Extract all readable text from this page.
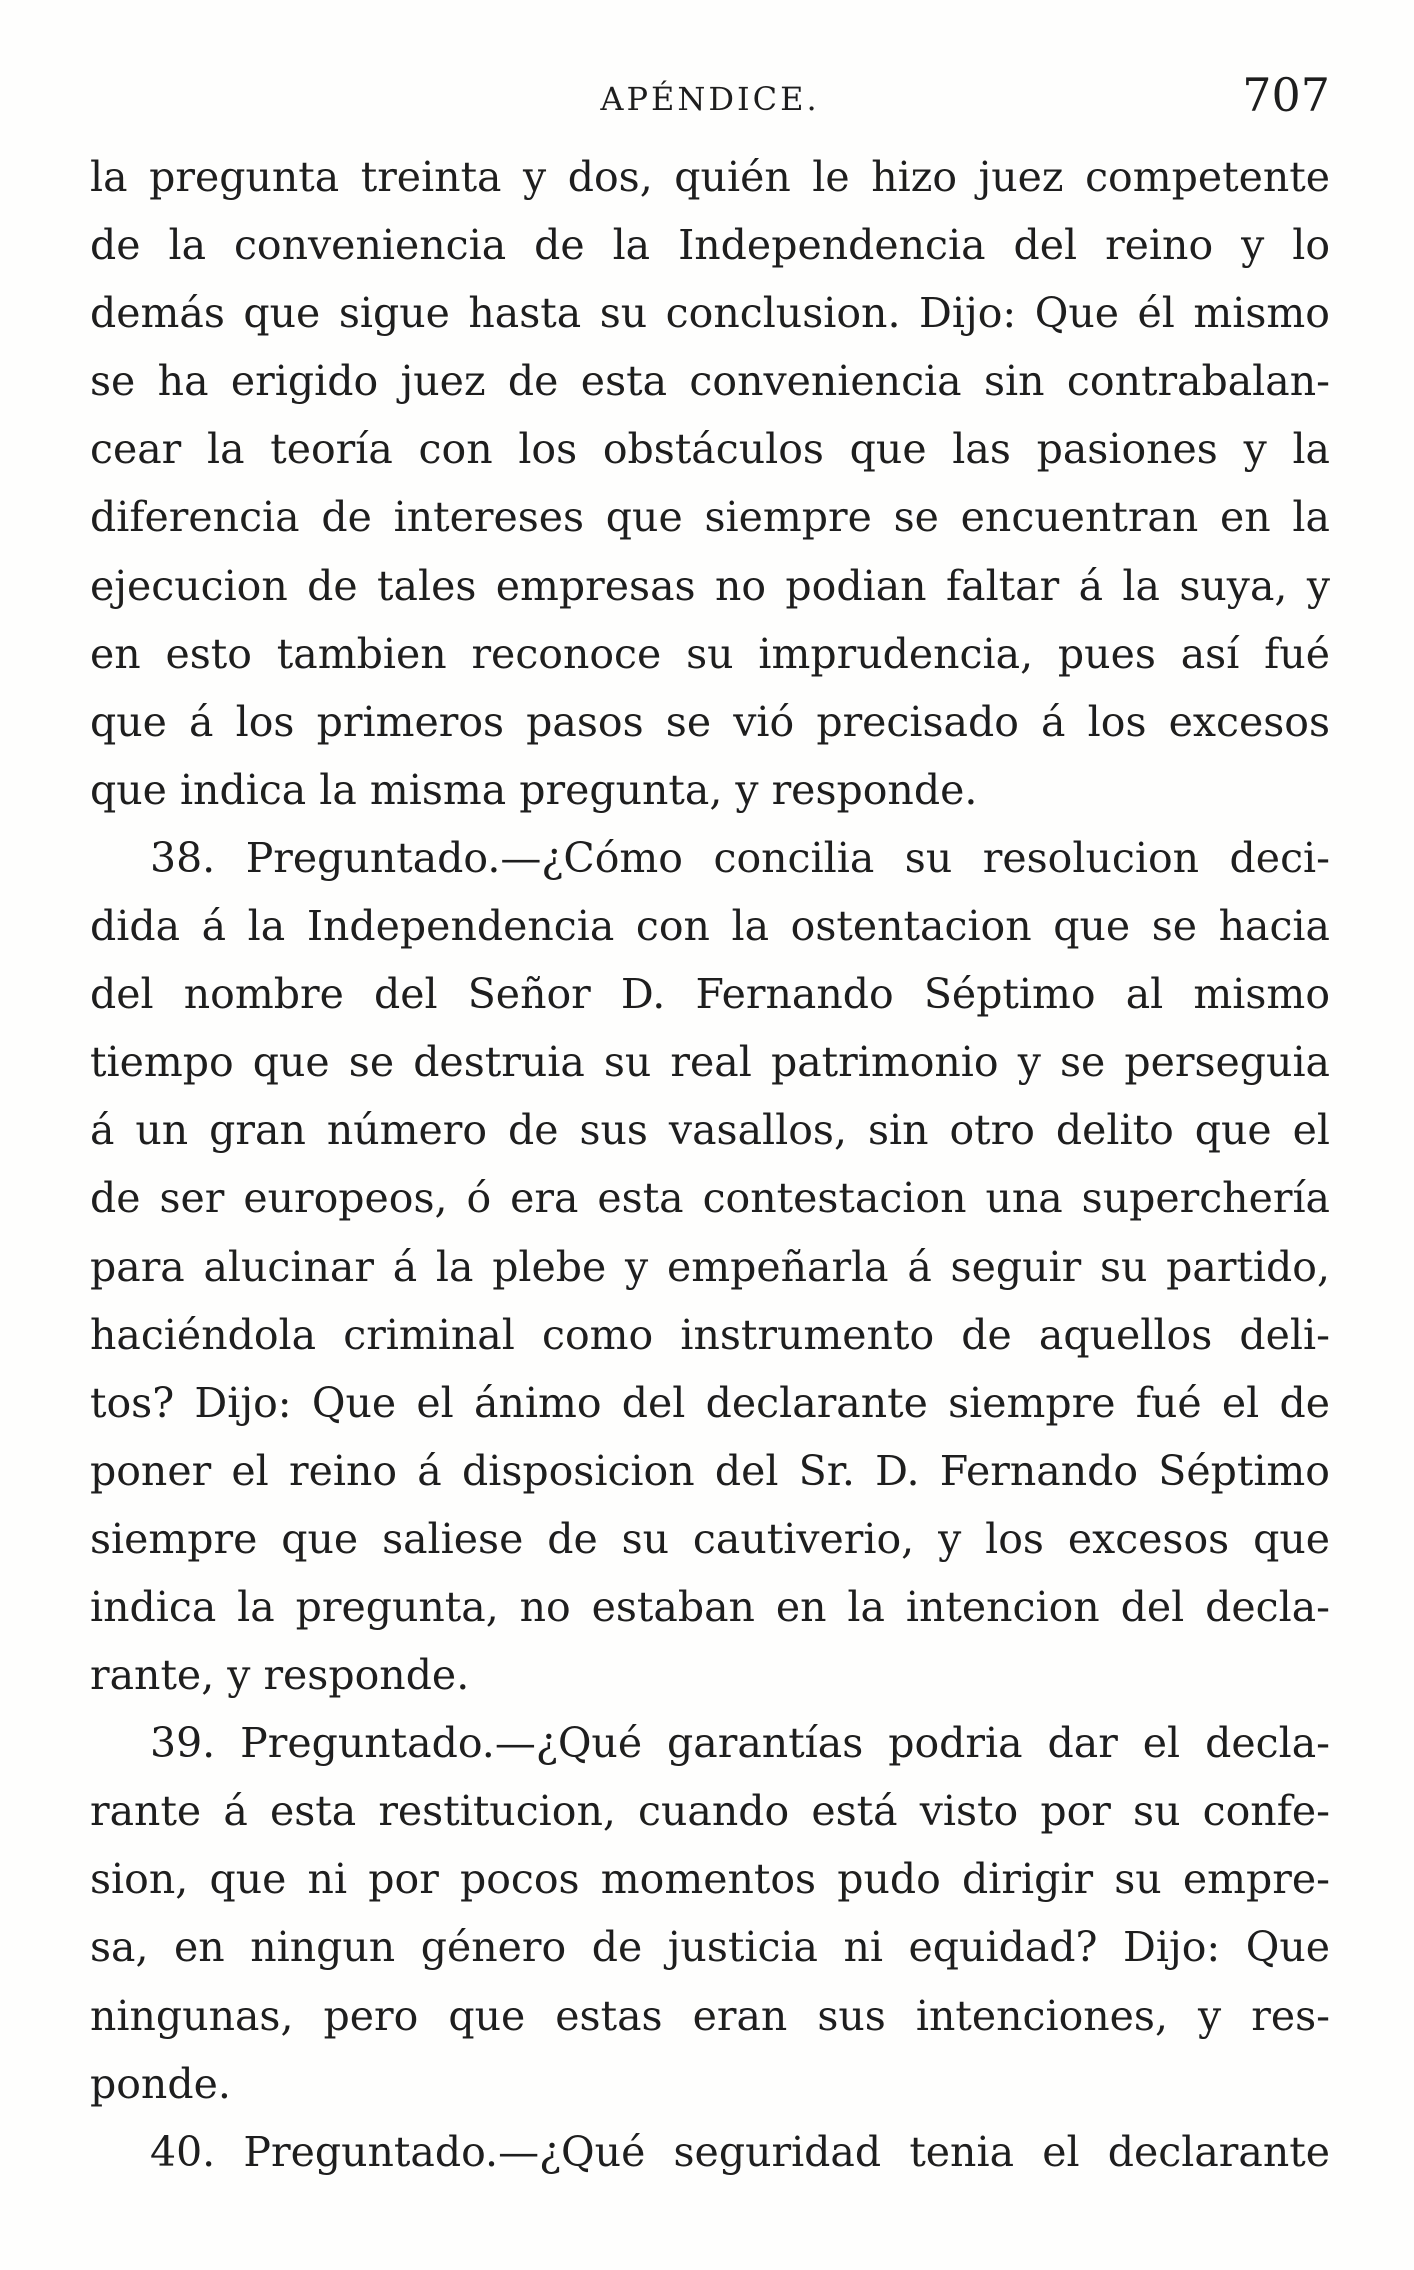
APÉNDICE.	707
la pregunta treinta y dos, quién le hizo juez competente
de la conveniencia de la Independencia del reino y lo
demás que sigue hasta su conclusion. Dijo: Que él mismo
se ha erigido juez de esta conveniencia sin contrabalan-
cear la teoría con los obstáculos que las pasiones y la
diferencia de intereses que siempre se encuentran en la
ejecucion de tales empresas no podian faltar á la suya, y
en esto tambien reconoce su imprudencia, pues así fué
que á los primeros pasos se vió precisado á los excesos
que indica la misma pregunta, y responde.
38. Preguntado.—¿Cómo concilia su resolucion deci-
dida á la Independencia con la ostentacion que se hacia
del nombre del Señor D. Fernando Séptimo al mismo
tiempo que se destruia su real patrimonio y se perseguia
á un gran número de sus vasallos, sin otro delito que el
de ser europeos, ó era esta contestacion una superchería
para alucinar á la plebe y empeñarla á seguir su partido,
haciéndola criminal como instrumento de aquellos deli-
tos? Dijo: Que el ánimo del declarante siempre fué el de
poner el reino á disposicion del Sr. D. Fernando Séptimo
siempre que saliese de su cautiverio, y los excesos que
indica la pregunta, no estaban en la intencion del decla-
rante, y responde.
39. Preguntado.—¿Qué garantías podria dar el decla-
rante á esta restitucion, cuando está visto por su confe-
sion, que ni por pocos momentos pudo dirigir su empre-
sa, en ningun género de justicia ni equidad? Dijo: Que
ningunas, pero que estas eran sus intenciones, y res-
ponde.
40. Preguntado.—¿Qué seguridad tenia el declarante
